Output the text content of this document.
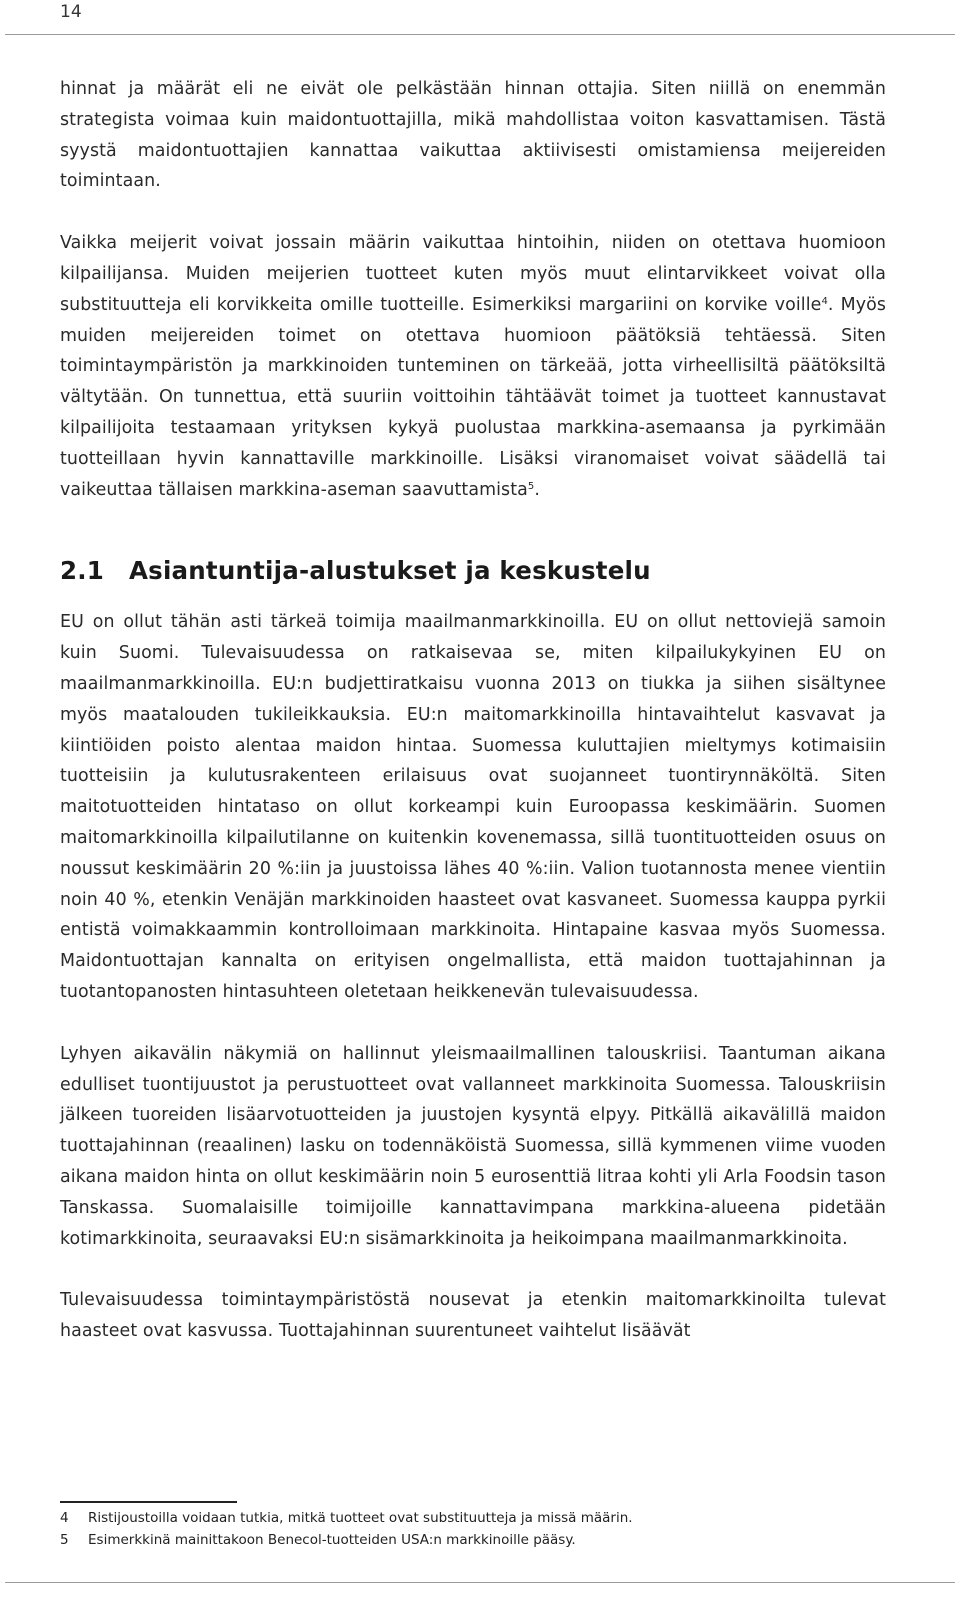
14

hinnat ja määrät eli ne eivät ole pelkästään hinnan ottajia. Siten niillä on enemmän strategista voimaa kuin maidontuottajilla, mikä mahdollistaa voiton kasvattamisen. Tästä syystä maidontuottajien kannattaa vaikuttaa aktiivisesti omistamiensa meijereiden toimintaan.

Vaikka meijerit voivat jossain määrin vaikuttaa hintoihin, niiden on otettava huomioon kilpailijansa. Muiden meijerien tuotteet kuten myös muut elintarvikkeet voivat olla substituutteja eli korvikkeita omille tuotteille. Esimerkiksi margariini on korvike voille$^4$. Myös muiden meijereiden toimet on otettava huomioon päätöksiä tehtäessä. Siten toimintaympäristön ja markkinoiden tunteminen on tärkeää, jotta virheellisiltä päätöksiltä vältytään. On tunnettua, että suuriin voittoihin tähtäävät toimet ja tuotteet kannustavat kilpailijoita testaamaan yrityksen kykyä puolustaa markkina-asemaansa ja pyrkimään tuotteillaan hyvin kannattaville markkinoille. Lisäksi viranomaiset voivat säädellä tai vaikeuttaa tällaisen markkina-aseman saavuttamista$^5$.

2.1	Asiantuntija-alustukset ja keskustelu

EU on ollut tähän asti tärkeä toimija maailmanmarkkinoilla. EU on ollut nettoviejä samoin kuin Suomi. Tulevaisuudessa on ratkaisevaa se, miten kilpailukykyinen EU on maailmanmarkkinoilla. EU:n budjettiratkaisu vuonna 2013 on tiukka ja siihen sisältynee myös maatalouden tukileikkauksia. EU:n maitomarkkinoilla hintavaihtelut kasvavat ja kiintiöiden poisto alentaa maidon hintaa. Suomessa kuluttajien mieltymys kotimaisiin tuotteisiin ja kulutusrakenteen erilaisuus ovat suojanneet tuontirynnäköltä. Siten maitotuotteiden hintataso on ollut korkeampi kuin Euroopassa keskimäärin. Suomen maitomarkkinoilla kilpailutilanne on kuitenkin kovenemassa, sillä tuontituotteiden osuus on noussut keskimäärin 20 %:iin ja juustoissa lähes 40 %:iin. Valion tuotannosta menee vientiin noin 40 %, etenkin Venäjän markkinoiden haasteet ovat kasvaneet. Suomessa kauppa pyrkii entistä voimakkaammin kontrolloimaan markkinoita. Hintapaine kasvaa myös Suomessa. Maidontuottajan kannalta on erityisen ongelmallista, että maidon tuottajahinnan ja tuotantopanosten hintasuhteen oletetaan heikkenevän tulevaisuudessa.

Lyhyen aikavälin näkymiä on hallinnut yleismaailmallinen talouskriisi. Taantuman aikana edulliset tuontijuustot ja perustuotteet ovat vallanneet markkinoita Suomessa. Talouskriisin jälkeen tuoreiden lisäarvotuotteiden ja juustojen kysyntä elpyy. Pitkällä aikavälillä maidon tuottajahinnan (reaalinen) lasku on todennäköistä Suomessa, sillä kymmenen viime vuoden aikana maidon hinta on ollut keskimäärin noin 5 eurosenttiä litraa kohti yli Arla Foodsin tason Tanskassa. Suomalaisille toimijoille kannattavimpana markkina-alueena pidetään kotimarkkinoita, seuraavaksi EU:n sisämarkkinoita ja heikoimpana maailmanmarkkinoita.

Tulevaisuudessa toimintaympäristöstä nousevat ja etenkin maitomarkkinoilta tulevat haasteet ovat kasvussa. Tuottajahinnan suurentuneet vaihtelut lisäävät

4	Ristijoustoilla voidaan tutkia, mitkä tuotteet ovat substituutteja ja missä määrin.
5	Esimerkkinä mainittakoon Benecol-tuotteiden USA:n markkinoille pääsy.
